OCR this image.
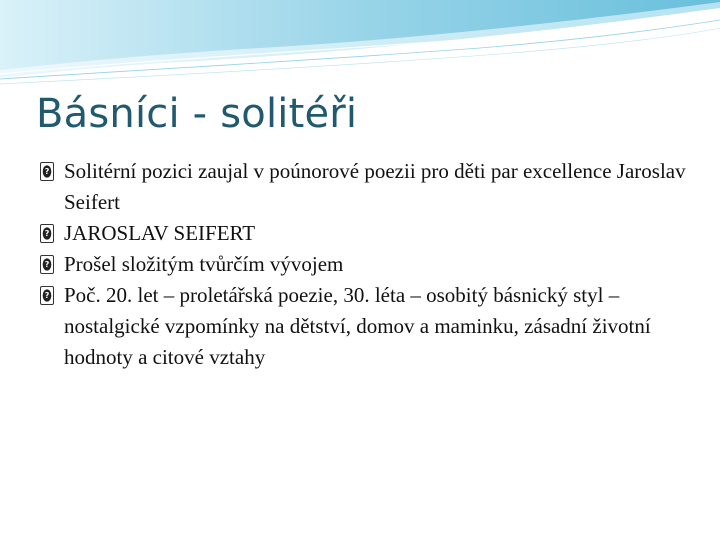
Básníci - solitéři
?
Solitérní pozici zaujal v poúnorové poezii pro děti par excellence Jaroslav Seifert
?
JAROSLAV SEIFERT
?
Prošel složitým tvůrčím vývojem
?
Poč. 20. let – proletářská poezie, 30. léta – osobitý básnický styl – nostalgické vzpomínky na dětství, domov a maminku, zásadní životní hodnoty a citové vztahy
